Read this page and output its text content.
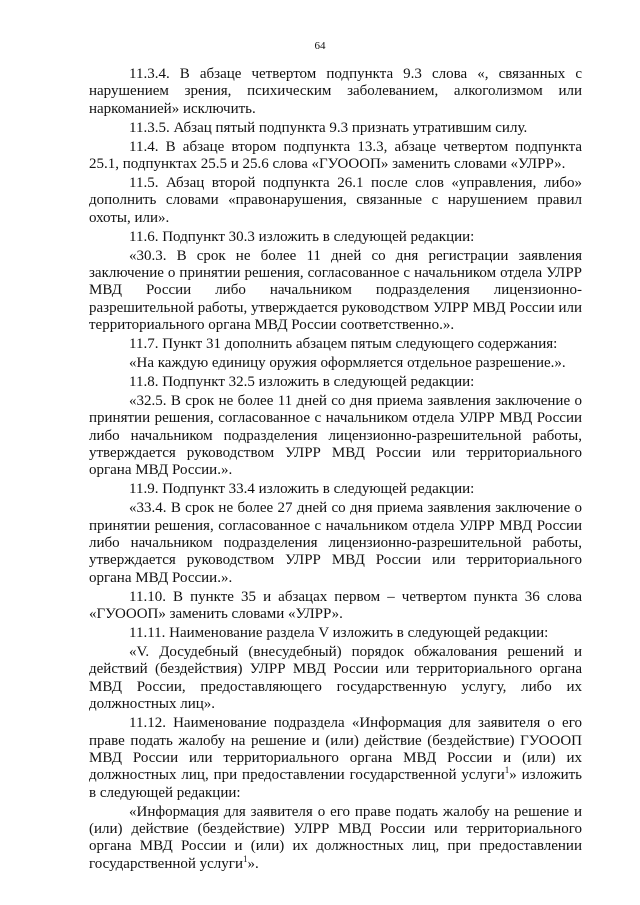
64

11.3.4. В абзаце четвертом подпункта 9.3 слова «, связанных с нарушением зрения, психическим заболеванием, алкоголизмом или наркоманией» исключить.

11.3.5. Абзац пятый подпункта 9.3 признать утратившим силу.

11.4. В абзаце втором подпункта 13.3, абзаце четвертом подпункта 25.1, подпунктах 25.5 и 25.6 слова «ГУОООП» заменить словами «УЛРР».

11.5. Абзац второй подпункта 26.1 после слов «управления, либо» дополнить словами «правонарушения, связанные с нарушением правил охоты, или».

11.6. Подпункт 30.3 изложить в следующей редакции:

«30.3. В срок не более 11 дней со дня регистрации заявления заключение о принятии решения, согласованное с начальником отдела УЛРР МВД России либо начальником подразделения лицензионно-разрешительной работы, утверждается руководством УЛРР МВД России или территориального органа МВД России соответственно.».

11.7. Пункт 31 дополнить абзацем пятым следующего содержания:

«На каждую единицу оружия оформляется отдельное разрешение.».

11.8. Подпункт 32.5 изложить в следующей редакции:

«32.5. В срок не более 11 дней со дня приема заявления заключение о принятии решения, согласованное с начальником отдела УЛРР МВД России либо начальником подразделения лицензионно-разрешительной работы, утверждается руководством УЛРР МВД России или территориального органа МВД России.».

11.9. Подпункт 33.4 изложить в следующей редакции:

«33.4. В срок не более 27 дней со дня приема заявления заключение о принятии решения, согласованное с начальником отдела УЛРР МВД России либо начальником подразделения лицензионно-разрешительной работы, утверждается руководством УЛРР МВД России или территориального органа МВД России.».

11.10. В пункте 35 и абзацах первом – четвертом пункта 36 слова «ГУОООП» заменить словами «УЛРР».

11.11. Наименование раздела V изложить в следующей редакции:

«V. Досудебный (внесудебный) порядок обжалования решений и действий (бездействия) УЛРР МВД России или территориального органа МВД России, предоставляющего государственную услугу, либо их должностных лиц».

11.12. Наименование подраздела «Информация для заявителя о его праве подать жалобу на решение и (или) действие (бездействие) ГУОООП МВД России или территориального органа МВД России и (или) их должностных лиц, при предоставлении государственной услуги$^1$» изложить в следующей редакции:

«Информация для заявителя о его праве подать жалобу на решение и (или) действие (бездействие) УЛРР МВД России или территориального органа МВД России и (или) их должностных лиц, при предоставлении государственной услуги$^1$».
